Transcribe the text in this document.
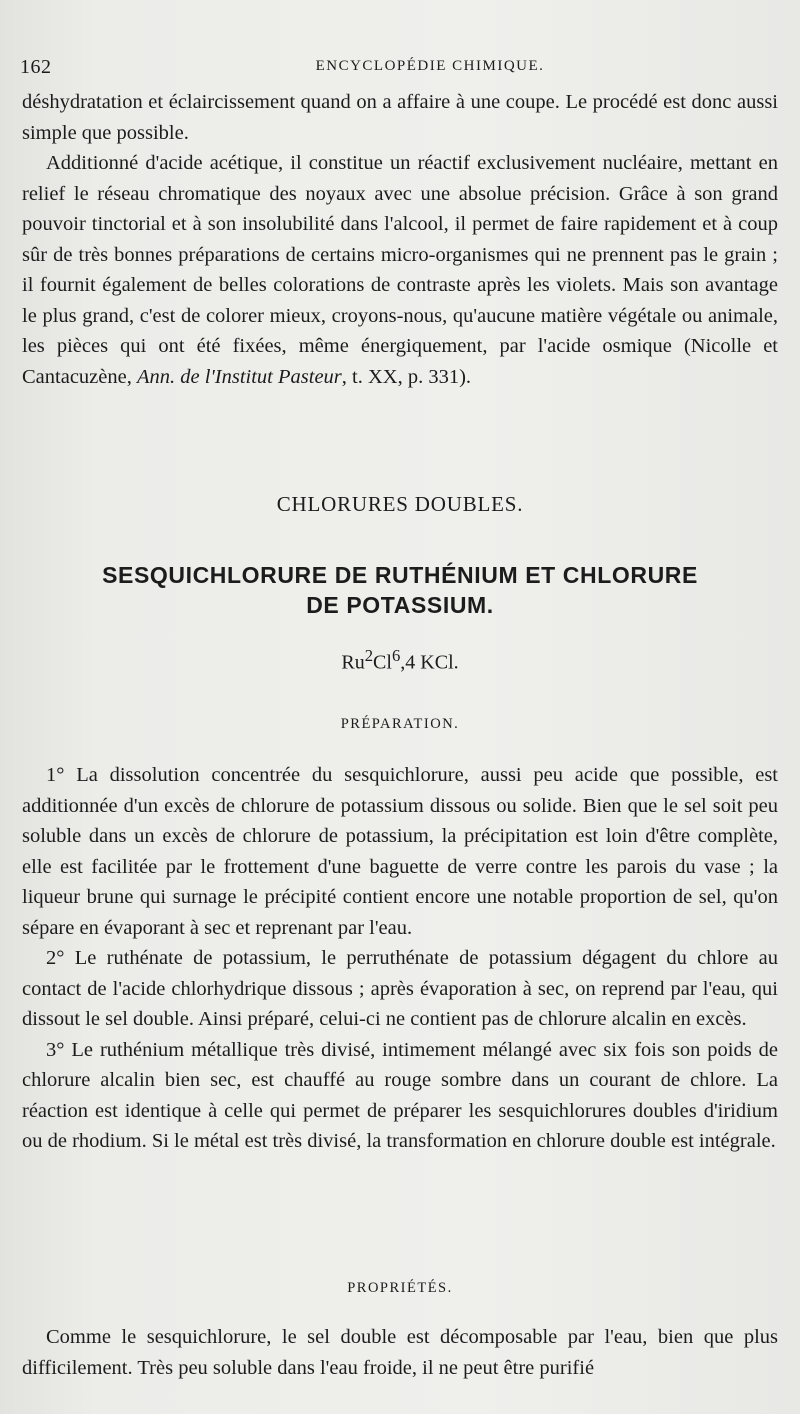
162	ENCYCLOPÉDIE CHIMIQUE.

déshydratation et éclaircissement quand on a affaire à une coupe. Le procédé est donc aussi simple que possible.

Additionné d'acide acétique, il constitue un réactif exclusivement nucléaire, mettant en relief le réseau chromatique des noyaux avec une absolue précision. Grâce à son grand pouvoir tinctorial et à son insolubilité dans l'alcool, il permet de faire rapidement et à coup sûr de très bonnes préparations de certains micro-organismes qui ne prennent pas le grain ; il fournit également de belles colorations de contraste après les violets. Mais son avantage le plus grand, c'est de colorer mieux, croyons-nous, qu'aucune matière végétale ou animale, les pièces qui ont été fixées, même énergiquement, par l'acide osmique (Nicolle et Cantacuzène, Ann. de l'Institut Pasteur, t. XX, p. 331).

CHLORURES DOUBLES.
SESQUICHLORURE DE RUTHÉNIUM ET CHLORURE
DE POTASSIUM.
Ru$^2$Cl$^6$,4 KCl.
PRÉPARATION.

1° La dissolution concentrée du sesquichlorure, aussi peu acide que possible, est additionnée d'un excès de chlorure de potassium dissous ou solide. Bien que le sel soit peu soluble dans un excès de chlorure de potassium, la précipitation est loin d'être complète, elle est facilitée par le frottement d'une baguette de verre contre les parois du vase ; la liqueur brune qui surnage le précipité contient encore une notable proportion de sel, qu'on sépare en évaporant à sec et reprenant par l'eau.

2° Le ruthénate de potassium, le perruthénate de potassium dégagent du chlore au contact de l'acide chlorhydrique dissous ; après évaporation à sec, on reprend par l'eau, qui dissout le sel double. Ainsi préparé, celui-ci ne contient pas de chlorure alcalin en excès.

3° Le ruthénium métallique très divisé, intimement mélangé avec six fois son poids de chlorure alcalin bien sec, est chauffé au rouge sombre dans un courant de chlore. La réaction est identique à celle qui permet de préparer les sesquichlorures doubles d'iridium ou de rhodium. Si le métal est très divisé, la transformation en chlorure double est intégrale.

PROPRIÉTÉS.

Comme le sesquichlorure, le sel double est décomposable par l'eau, bien que plus difficilement. Très peu soluble dans l'eau froide, il ne peut être purifié
